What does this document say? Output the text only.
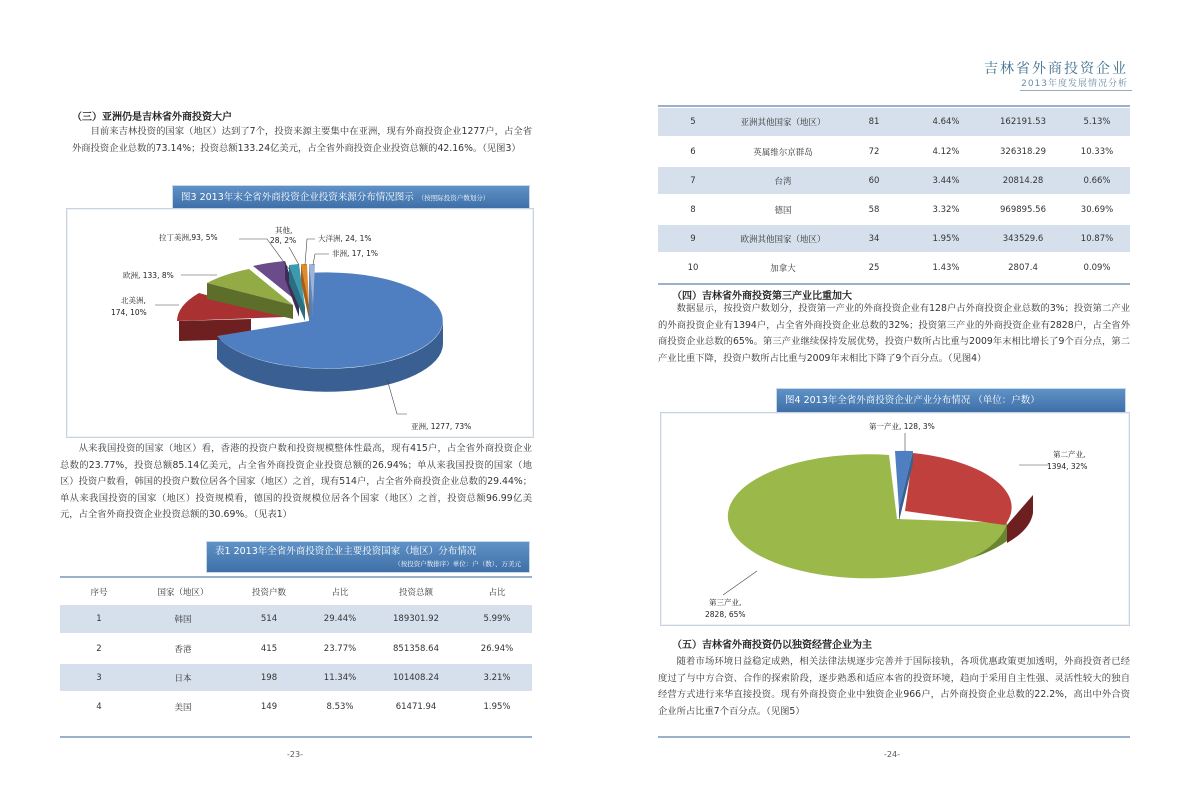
吉林省外商投资企业
2013年度发展情况分析
（三）亚洲仍是吉林省外商投资大户

目前来吉林投资的国家（地区）达到了7个，投资来源主要集中在亚洲，现有外商投资企业1277户，占全省外商投资企业总数的73.14%；投资总额133.24亿美元，占全省外商投资企业投资总额的42.16%。（见图3）

图3 2013年末全省外商投资企业投资来源分布情况图示 （按照际投资户数划分）
亚洲, 1277, 73%
北美洲,
174, 10%
欧洲, 133, 8%
拉丁美洲,93, 5%
其他,
28, 2%	大洋洲, 24, 1%
非洲, 17, 1%

从来我国投资的国家（地区）看，香港的投资户数和投资规模整体性最高，现有415户，占全省外商投资企业总数的23.77%，投资总额85.14亿美元，占全省外商投资企业投资总额的26.94%；单从来我国投资的国家（地区）投资户数看，韩国的投资户数位居各个国家（地区）之首，现有514户，占全省外商投资企业总数的29.44%；单从来我国投资的国家（地区）投资规模看，德国的投资规模位居各个国家（地区）之首，投资总额96.99亿美元，占全省外商投资企业投资总额的30.69%。（见表1）

表1 2013年全省外商投资企业主要投资国家（地区）分布情况
（按投资户数排序）单位：户（数）、万美元
序号	国家（地区）	投资户数	占比	投资总额	占比
1	韩国	514	29.44%	189301.92	5.99%
2	香港	415	23.77%	851358.64	26.94%
3	日本	198	11.34%	101408.24	3.21%
4	美国	149	8.53%	61471.94	1.95%
-23-
5	亚洲其他国家（地区）	81	4.64%	162191.53	5.13%
6	英属维尔京群岛	72	4.12%	326318.29	10.33%
7	台湾	60	3.44%	20814.28	0.66%
8	德国	58	3.32%	969895.56	30.69%
9	欧洲其他国家（地区）	34	1.95%	343529.6	10.87%
10	加拿大	25	1.43%	2807.4	0.09%
（四）吉林省外商投资第三产业比重加大

数据显示，按投资户数划分，投资第一产业的外商投资企业有128户占外商投资企业总数的3%；投资第二产业的外商投资企业有1394户，占全省外商投资企业总数的32%；投资第三产业的外商投资企业有2828户，占全省外商投资企业总数的65%。第三产业继续保持发展优势，投资户数所占比重与2009年末相比增长了9个百分点，第二产业比重下降，投资户数所占比重与2009年末相比下降了9个百分点。（见图4）

图4 2013年全省外商投资企业产业分布情况 （单位：户数）
第一产业, 128, 3%
第二产业,
1394, 32%
第三产业,
2828, 65%
（五）吉林省外商投资仍以独资经营企业为主

随着市场环境日益稳定成熟，相关法律法规逐步完善并于国际接轨，各项优惠政策更加透明，外商投资者已经度过了与中方合资、合作的探索阶段，逐步熟悉和适应本省的投资环境，趋向于采用自主性强、灵活性较大的独自经营方式进行来华直接投资。现有外商投资企业中独资企业966户，占外商投资企业总数的22.2%，高出中外合资企业所占比重7个百分点。（见图5）

-24-
